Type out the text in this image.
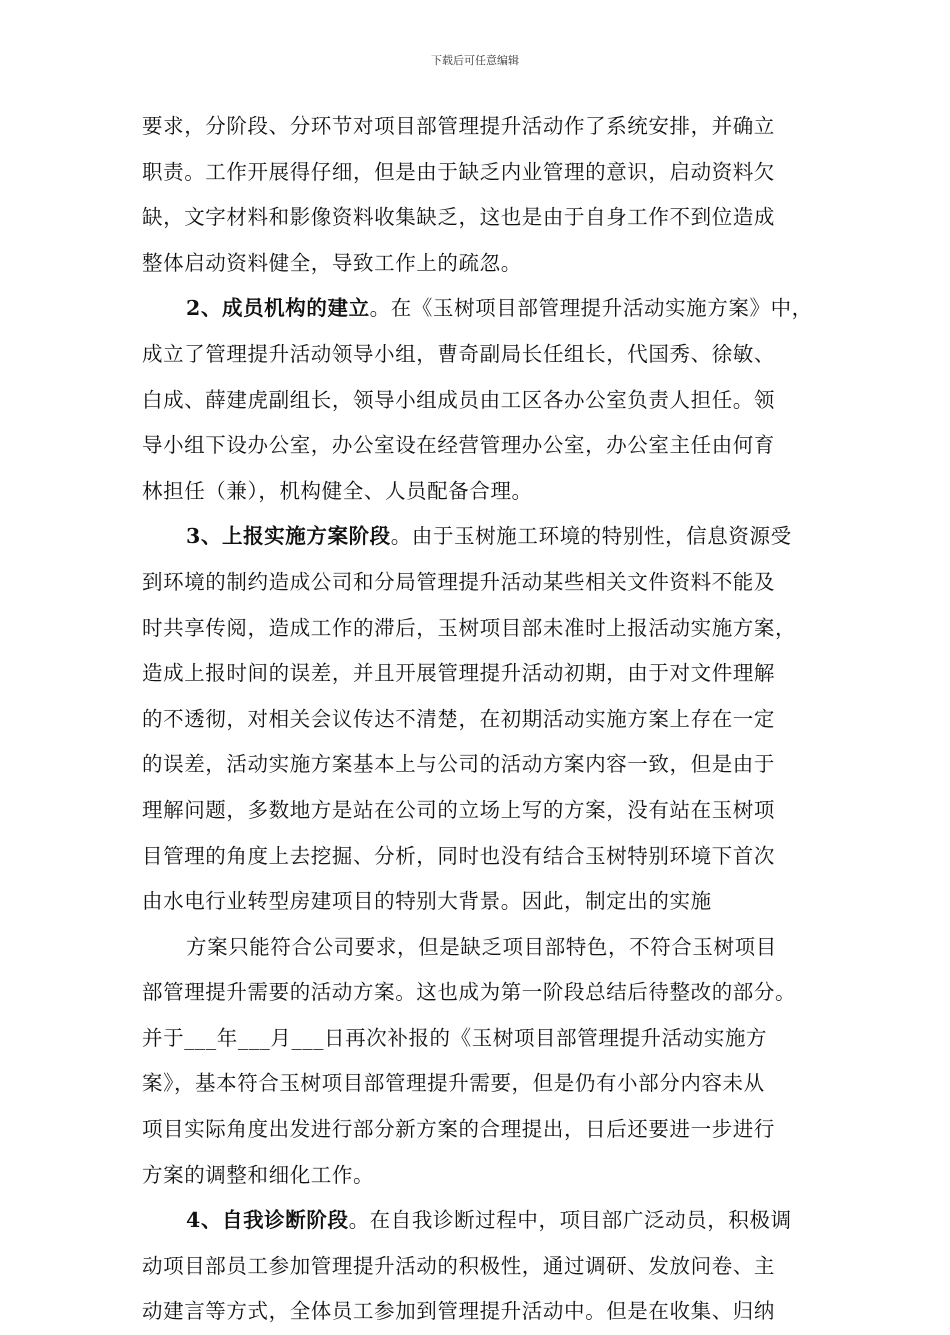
下载后可任意编辑
要求，分阶段、分环节对项目部管理提升活动作了系统安排，并确立
职责。工作开展得仔细，但是由于缺乏内业管理的意识，启动资料欠
缺，文字材料和影像资料收集缺乏，这也是由于自身工作不到位造成
整体启动资料健全，导致工作上的疏忽。
2、成员机构的建立。在《玉树项目部管理提升活动实施方案》中，
成立了管理提升活动领导小组，曹奇副局长任组长，代国秀、徐敏、
白成、薛建虎副组长，领导小组成员由工区各办公室负责人担任。领
导小组下设办公室，办公室设在经营管理办公室，办公室主任由何育
林担任（兼），机构健全、人员配备合理。
3、上报实施方案阶段。由于玉树施工环境的特别性，信息资源受
到环境的制约造成公司和分局管理提升活动某些相关文件资料不能及
时共享传阅，造成工作的滞后，玉树项目部未准时上报活动实施方案，
造成上报时间的误差，并且开展管理提升活动初期，由于对文件理解
的不透彻，对相关会议传达不清楚，在初期活动实施方案上存在一定
的误差，活动实施方案基本上与公司的活动方案内容一致，但是由于
理解问题，多数地方是站在公司的立场上写的方案，没有站在玉树项
目管理的角度上去挖掘、分析，同时也没有结合玉树特别环境下首次
由水电行业转型房建项目的特别大背景。因此，制定出的实施
方案只能符合公司要求，但是缺乏项目部特色，不符合玉树项目
部管理提升需要的活动方案。这也成为第一阶段总结后待整改的部分。
并于___年___月___日再次补报的《玉树项目部管理提升活动实施方
案》，基本符合玉树项目部管理提升需要，但是仍有小部分内容未从
项目实际角度出发进行部分新方案的合理提出，日后还要进一步进行
方案的调整和细化工作。
4、自我诊断阶段。在自我诊断过程中，项目部广泛动员，积极调
动项目部员工参加管理提升活动的积极性，通过调研、发放问卷、主
动建言等方式，全体员工参加到管理提升活动中。但是在收集、归纳
